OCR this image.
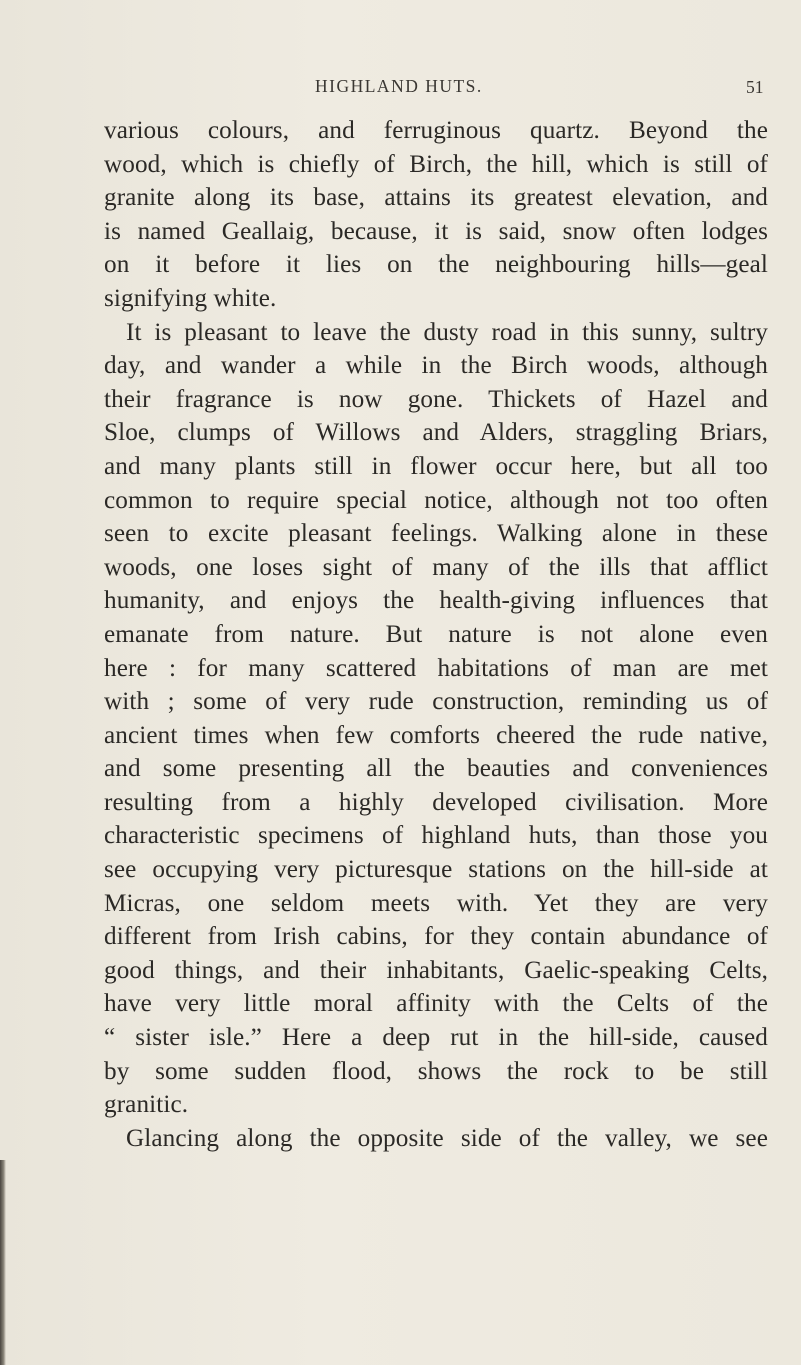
HIGHLAND HUTS.	51
various colours, and ferruginous quartz. Beyond the
wood, which is chiefly of Birch, the hill, which is still of
granite along its base, attains its greatest elevation, and
is named Geallaig, because, it is said, snow often lodges
on it before it lies on the neighbouring hills—geal
signifying white.
It is pleasant to leave the dusty road in this sunny, sultry
day, and wander a while in the Birch woods, although
their fragrance is now gone. Thickets of Hazel and
Sloe, clumps of Willows and Alders, straggling Briars,
and many plants still in flower occur here, but all too
common to require special notice, although not too often
seen to excite pleasant feelings. Walking alone in these
woods, one loses sight of many of the ills that afflict
humanity, and enjoys the health-giving influences that
emanate from nature. But nature is not alone even
here : for many scattered habitations of man are met
with ; some of very rude construction, reminding us of
ancient times when few comforts cheered the rude native,
and some presenting all the beauties and conveniences
resulting from a highly developed civilisation. More
characteristic specimens of highland huts, than those you
see occupying very picturesque stations on the hill-side at
Micras, one seldom meets with. Yet they are very
different from Irish cabins, for they contain abundance of
good things, and their inhabitants, Gaelic-speaking Celts,
have very little moral affinity with the Celts of the
“ sister isle.” Here a deep rut in the hill-side, caused
by some sudden flood, shows the rock to be still
granitic.
Glancing along the opposite side of the valley, we see
